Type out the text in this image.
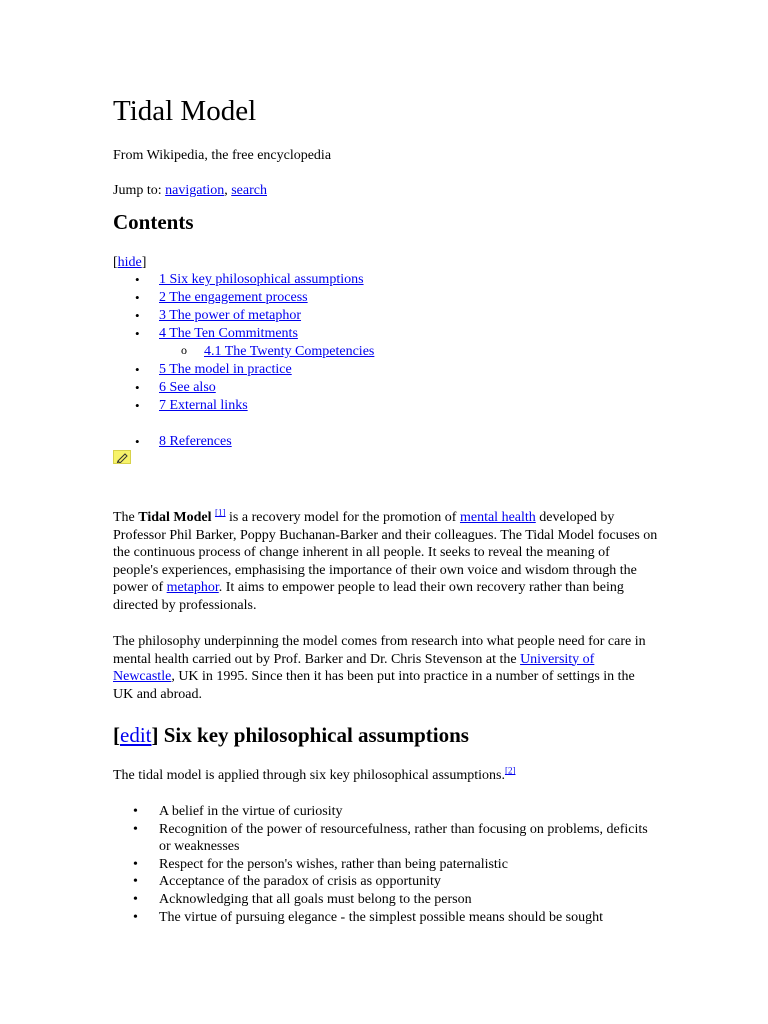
Tidal Model
From Wikipedia, the free encyclopedia
Jump to: navigation, search
Contents
[hide]
• 1 Six key philosophical assumptions
• 2 The engagement process
• 3 The power of metaphor
• 4 The Ten Commitments
o 4.1 The Twenty Competencies
• 5 The model in practice
• 6 See also
• 7 External links
• 8 References
The Tidal Model [1] is a recovery model for the promotion of mental health developed by Professor Phil Barker, Poppy Buchanan-Barker and their colleagues. The Tidal Model focuses on the continuous process of change inherent in all people. It seeks to reveal the meaning of people's experiences, emphasising the importance of their own voice and wisdom through the power of metaphor. It aims to empower people to lead their own recovery rather than being directed by professionals.
The philosophy underpinning the model comes from research into what people need for care in mental health carried out by Prof. Barker and Dr. Chris Stevenson at the University of Newcastle, UK in 1995. Since then it has been put into practice in a number of settings in the UK and abroad.
[edit] Six key philosophical assumptions
The tidal model is applied through six key philosophical assumptions.[2]
• A belief in the virtue of curiosity
• Recognition of the power of resourcefulness, rather than focusing on problems, deficits or weaknesses
• Respect for the person's wishes, rather than being paternalistic
• Acceptance of the paradox of crisis as opportunity
• Acknowledging that all goals must belong to the person
• The virtue of pursuing elegance - the simplest possible means should be sought
